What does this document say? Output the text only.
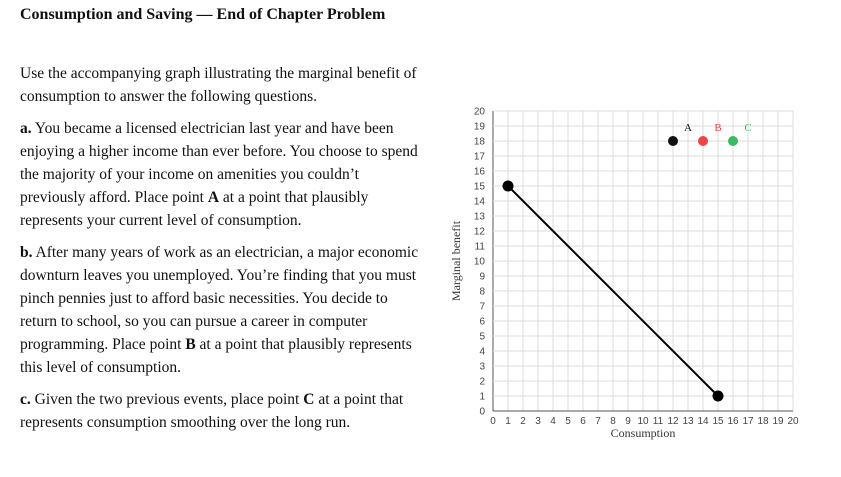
Consumption and Saving — End of Chapter Problem

Use the accompanying graph illustrating the marginal benefit of consumption to answer the following questions.

a. You became a licensed electrician last year and have been enjoying a higher income than ever before. You choose to spend the majority of your income on amenities you couldn’t previously afford. Place point A at a point that plausibly represents your current level of consumption.

b. After many years of work as an electrician, a major economic downturn leaves you unemployed. You’re finding that you must pinch pennies just to afford basic necessities. You decide to return to school, so you can pursue a career in computer programming. Place point B at a point that plausibly represents this level of consumption.

c. Given the two previous events, place point C at a point that represents consumption smoothing over the long run.	0 1 2 3 4 5 6 7 8 9 10 11 12 13 14 15 16 17 18 19 20
0
1
2
3
4
5
6
7
8
9
10
11
12
13
14
15
16
17
18
19
20
Consumption
Marginal benefit
A B C
